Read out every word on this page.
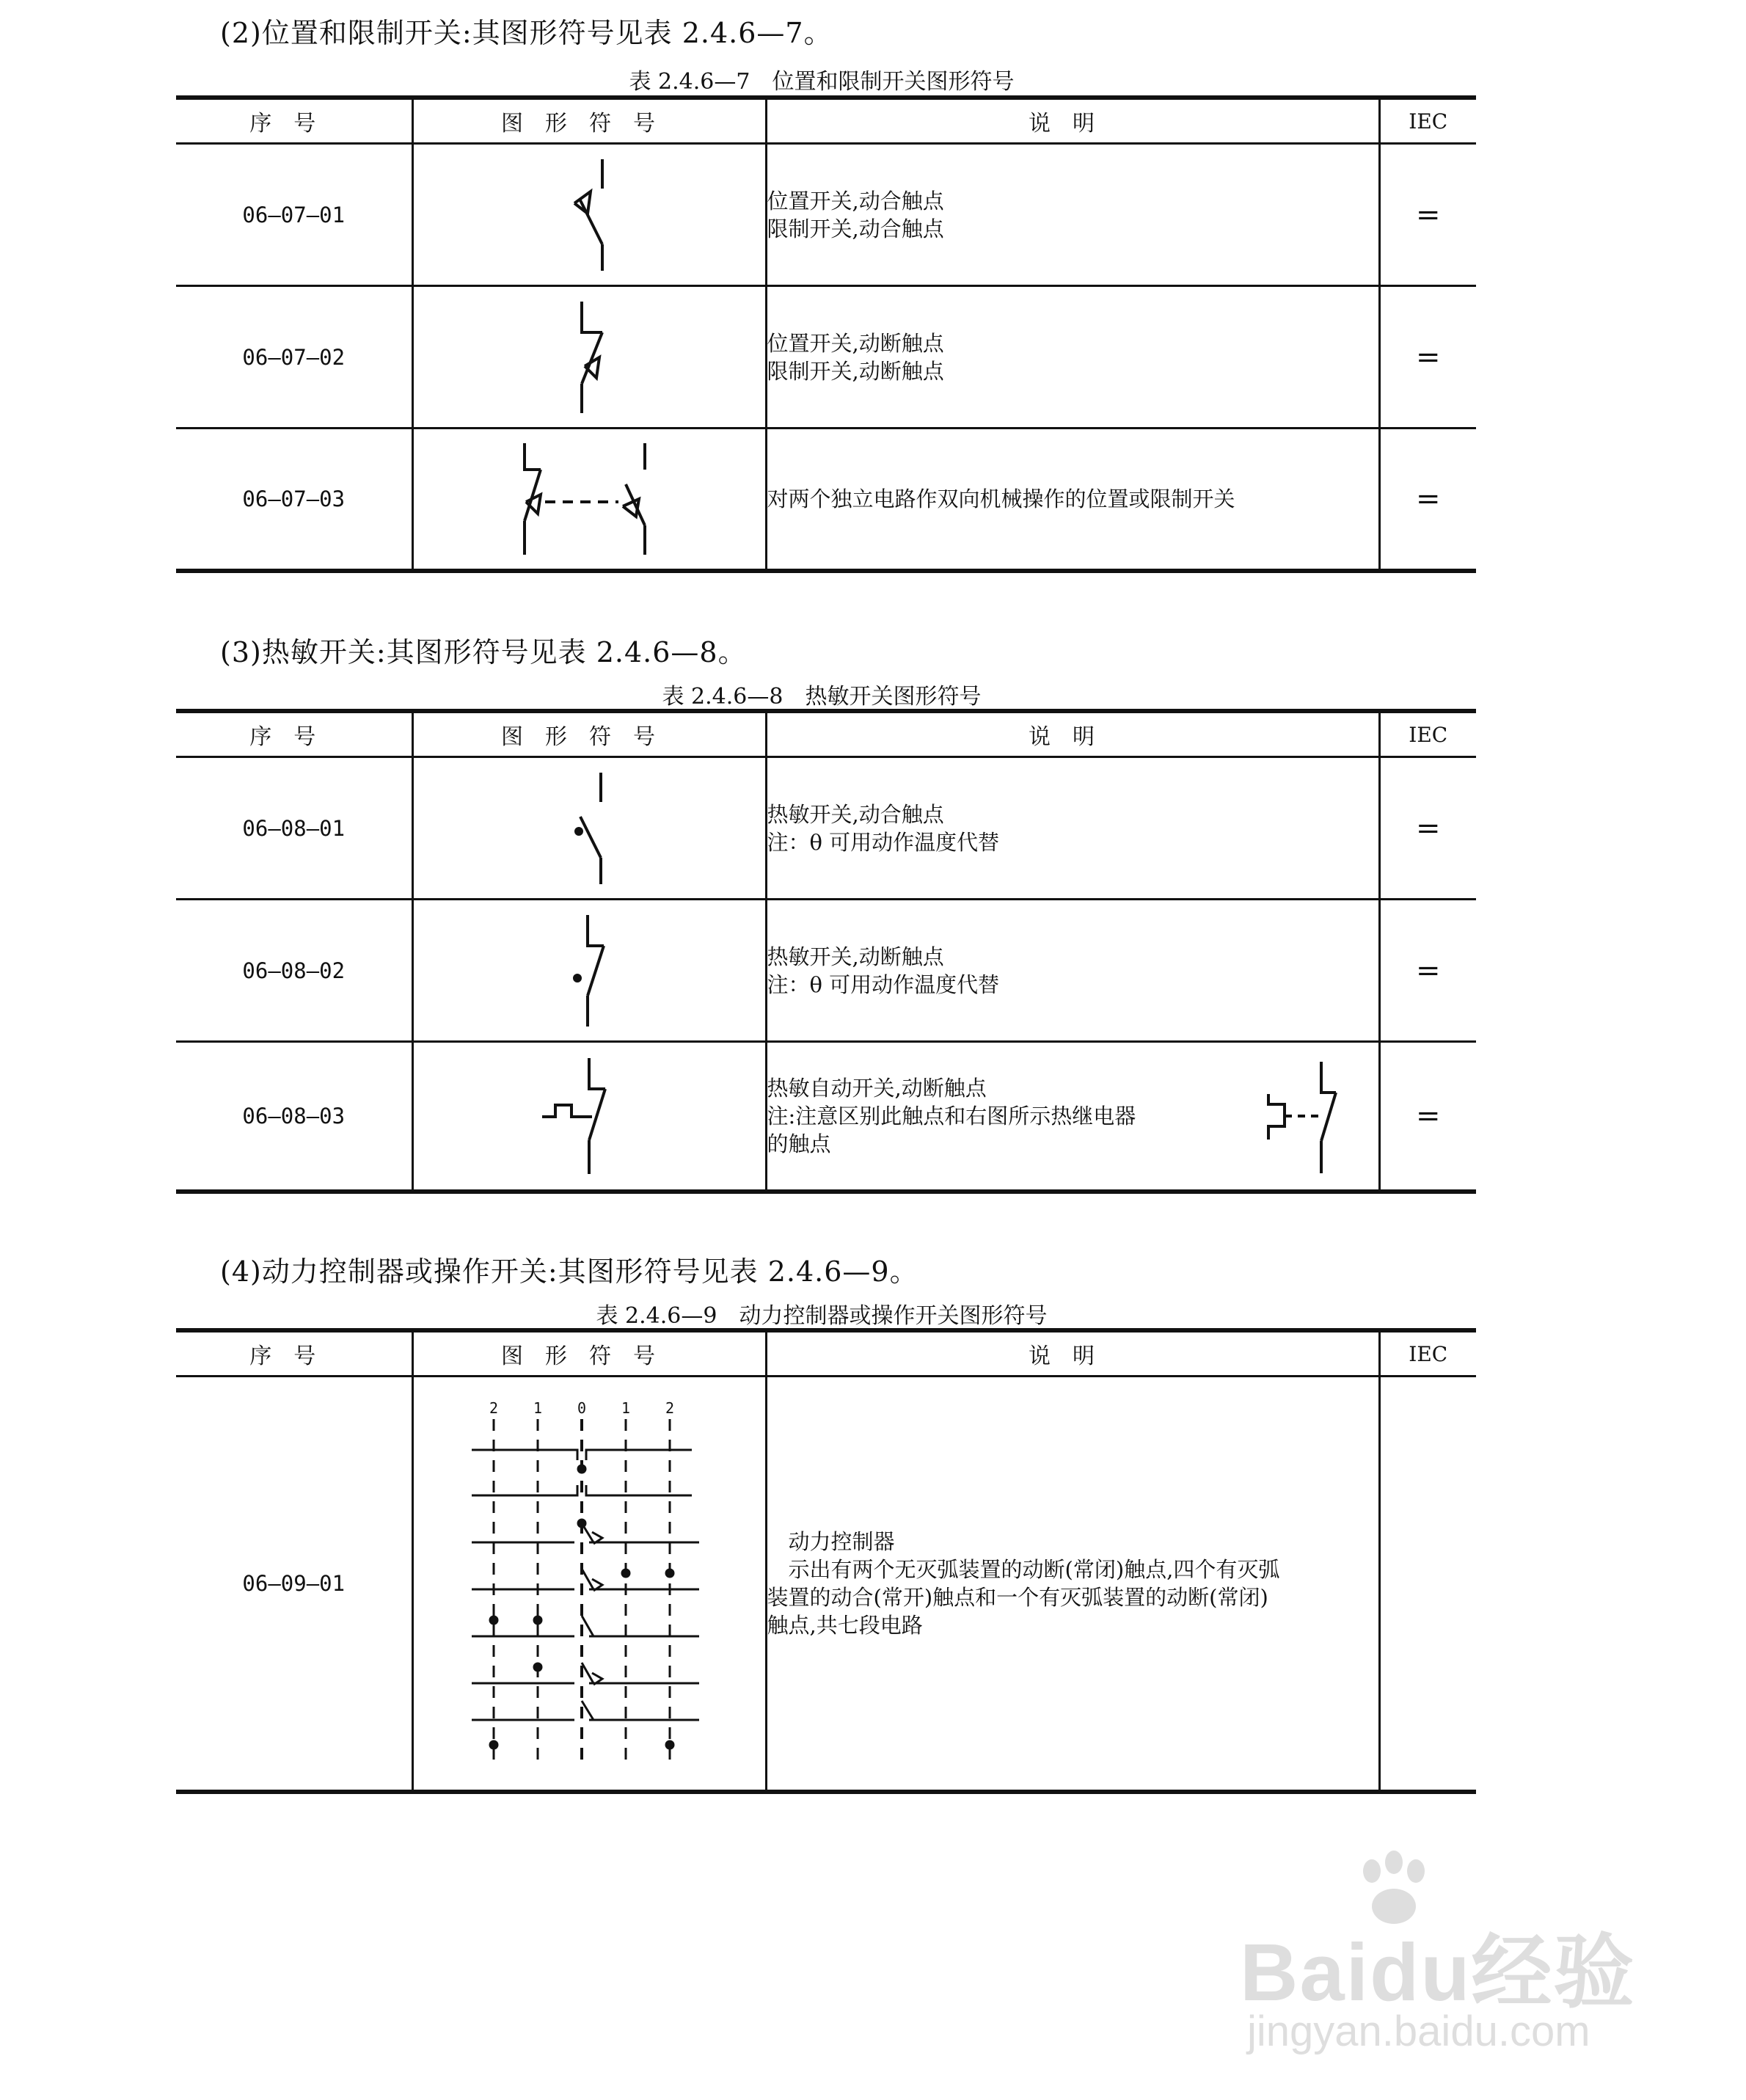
(2)位置和限制开关:其图形符号见表 2.4.6—7。
表 2.4.6—7　位置和限制开关图形符号
序号	图形符号	说明	IEC
06—07—01		位置开关,动合触点
限制开关,动合触点	=
06—07—02		位置开关,动断触点
限制开关,动断触点	=
06—07—03		对两个独立电路作双向机械操作的位置或限制开关	=
(3)热敏开关:其图形符号见表 2.4.6—8。
表 2.4.6—8　热敏开关图形符号
序号	图形符号	说明	IEC
06—08—01		热敏开关,动合触点
注：θ 可用动作温度代替	=
06—08—02		热敏开关,动断触点
注：θ 可用动作温度代替	=
06—08—03		热敏自动开关,动断触点
注:注意区别此触点和右图所示热继电器
的触点	=
(4)动力控制器或操作开关:其图形符号见表 2.4.6—9。
表 2.4.6—9　动力控制器或操作开关图形符号
序号	图形符号	说明	IEC
06—09—01	2 1 0 1 2	　动力控制器
　示出有两个无灭弧装置的动断(常闭)触点,四个有灭弧
装置的动合(常开)触点和一个有灭弧装置的动断(常闭)
触点,共七段电路	

Baidu经验
jingyan.baidu.com
